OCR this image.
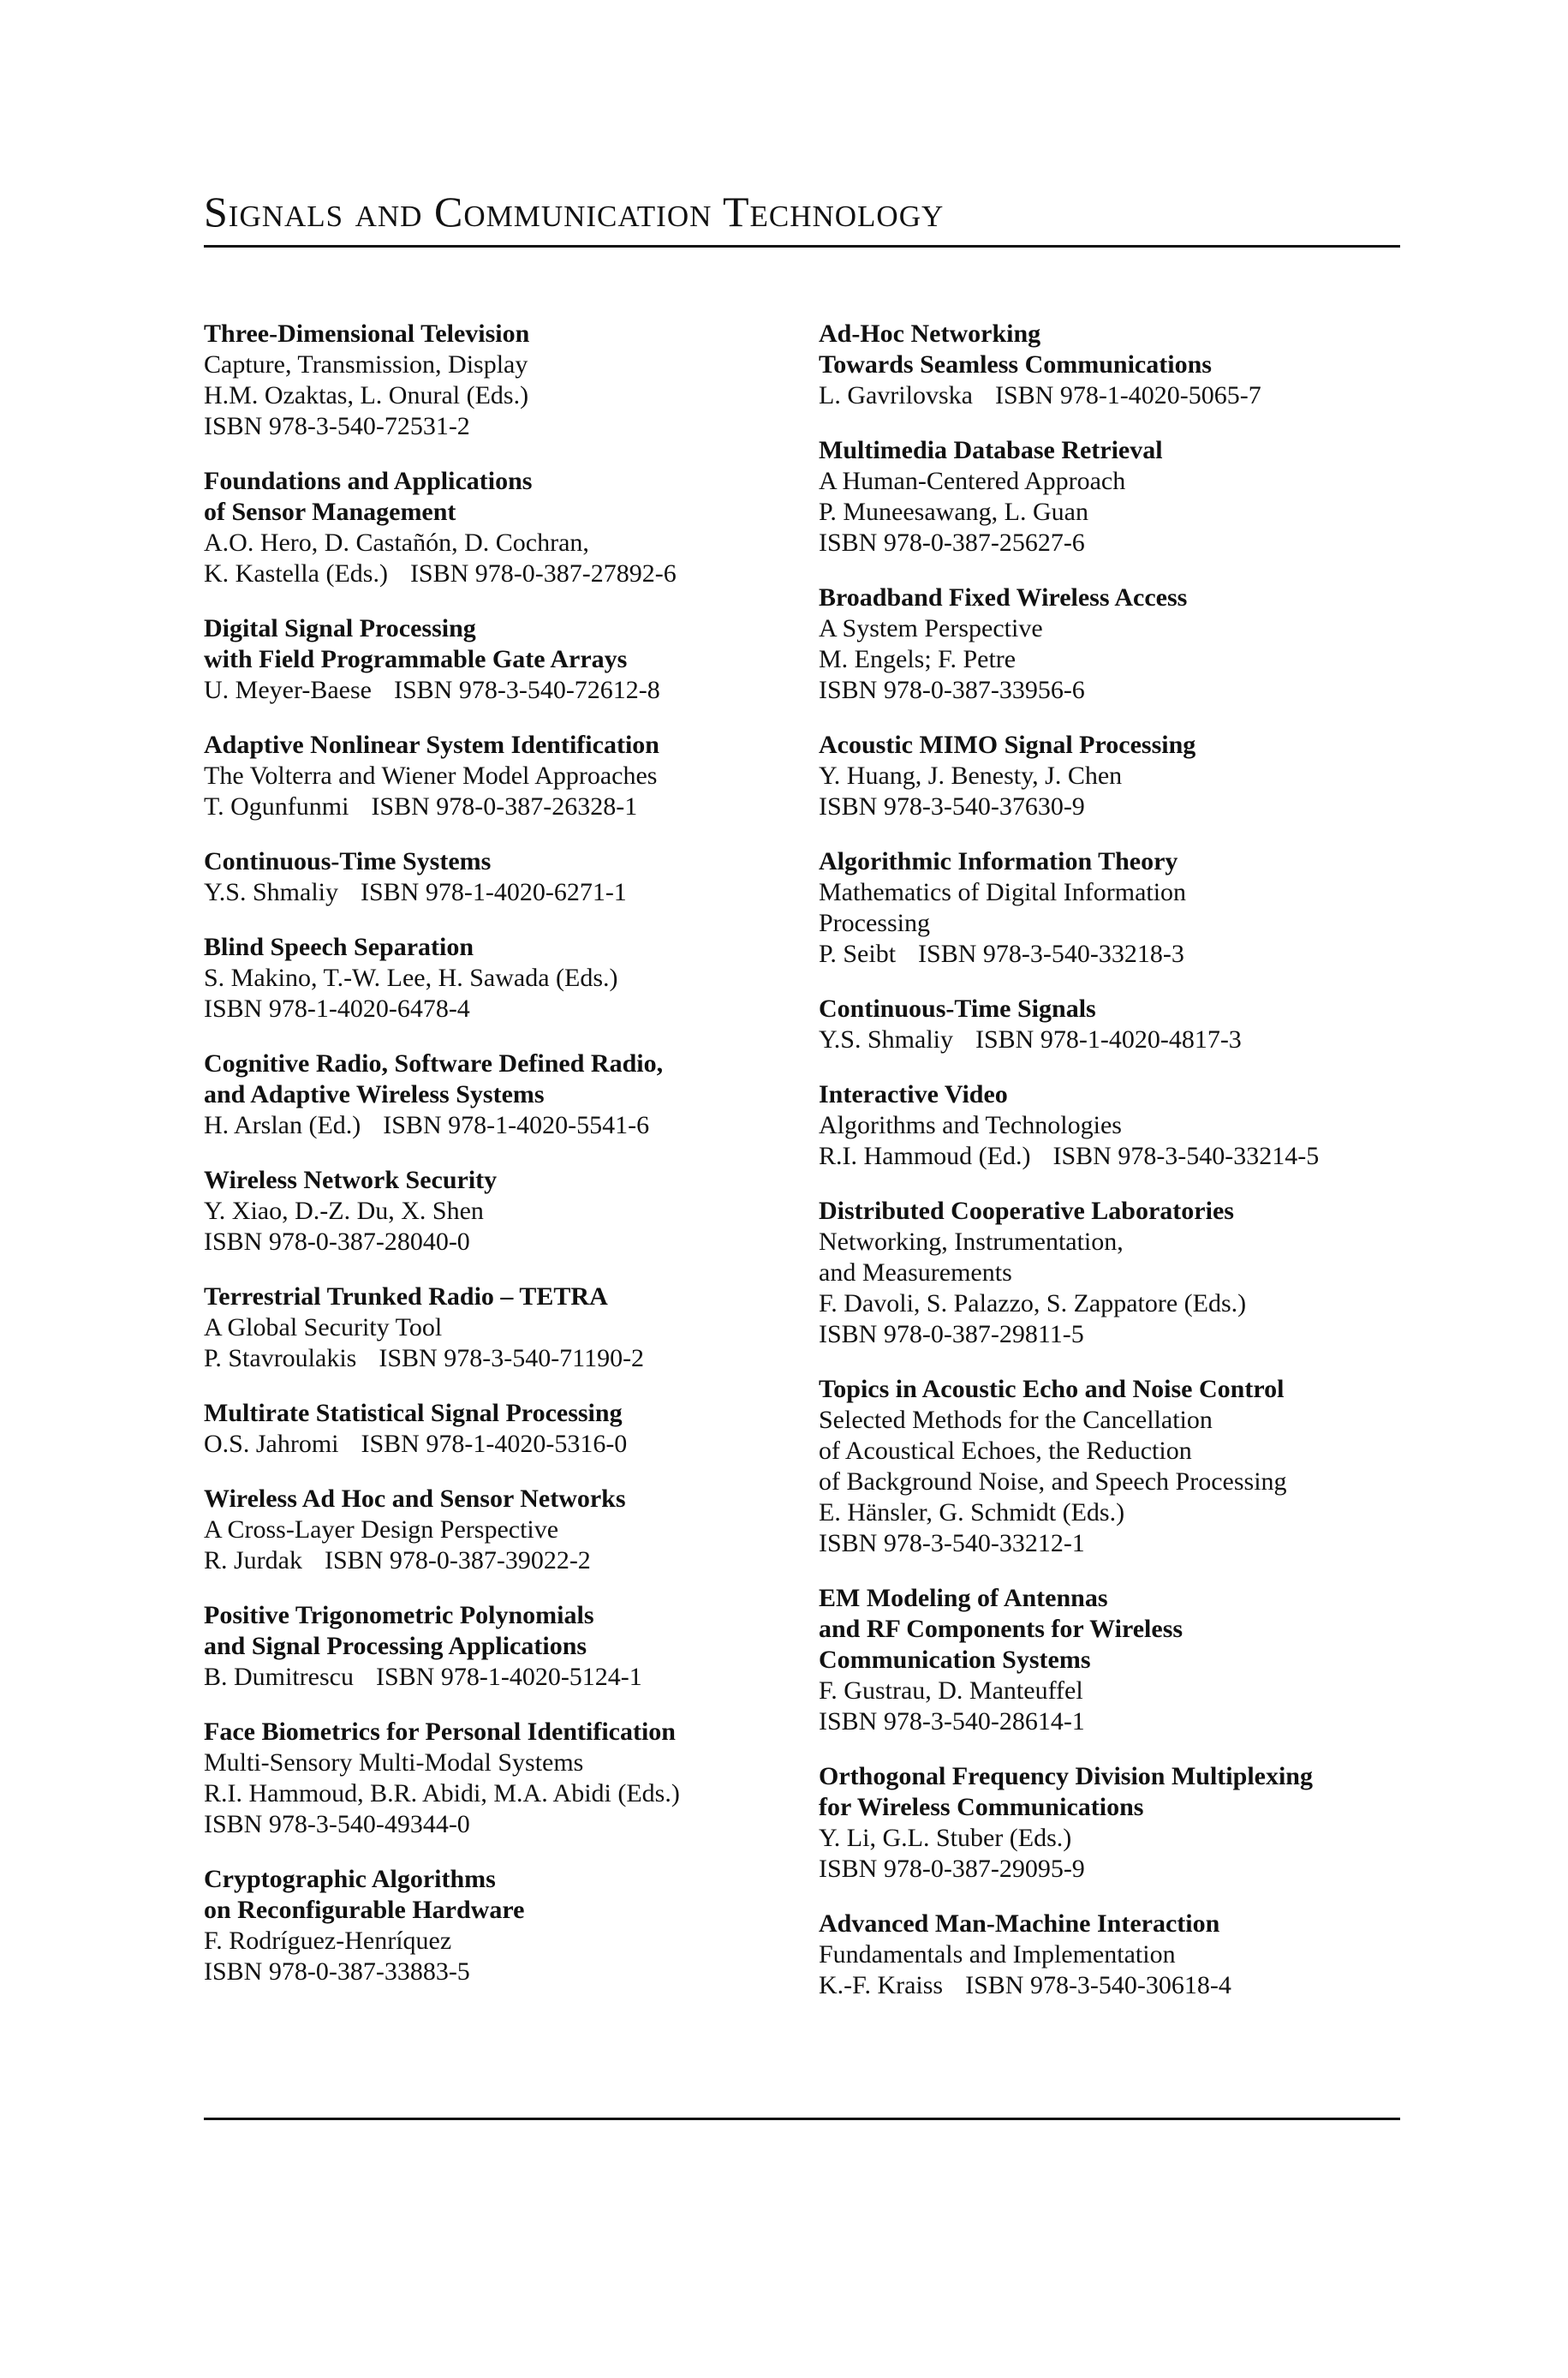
Signals and Communication Technology
Three-Dimensional Television
Capture, Transmission, Display
H.M. Ozaktas, L. Onural (Eds.)
ISBN 978-3-540-72531-2
Foundations and Applications
of Sensor Management
A.O. Hero, D. Castañón, D. Cochran,
K. Kastella (Eds.) ISBN 978-0-387-27892-6
Digital Signal Processing
with Field Programmable Gate Arrays
U. Meyer-Baese ISBN 978-3-540-72612-8
Adaptive Nonlinear System Identification
The Volterra and Wiener Model Approaches
T. Ogunfunmi ISBN 978-0-387-26328-1
Continuous-Time Systems
Y.S. Shmaliy ISBN 978-1-4020-6271-1
Blind Speech Separation
S. Makino, T.-W. Lee, H. Sawada (Eds.)
ISBN 978-1-4020-6478-4
Cognitive Radio, Software Defined Radio,
and Adaptive Wireless Systems
H. Arslan (Ed.) ISBN 978-1-4020-5541-6
Wireless Network Security
Y. Xiao, D.-Z. Du, X. Shen
ISBN 978-0-387-28040-0
Terrestrial Trunked Radio – TETRA
A Global Security Tool
P. Stavroulakis ISBN 978-3-540-71190-2
Multirate Statistical Signal Processing
O.S. Jahromi ISBN 978-1-4020-5316-0
Wireless Ad Hoc and Sensor Networks
A Cross-Layer Design Perspective
R. Jurdak ISBN 978-0-387-39022-2
Positive Trigonometric Polynomials
and Signal Processing Applications
B. Dumitrescu ISBN 978-1-4020-5124-1
Face Biometrics for Personal Identification
Multi-Sensory Multi-Modal Systems
R.I. Hammoud, B.R. Abidi, M.A. Abidi (Eds.)
ISBN 978-3-540-49344-0
Cryptographic Algorithms
on Reconfigurable Hardware
F. Rodríguez-Henríquez
ISBN 978-0-387-33883-5
Ad-Hoc Networking
Towards Seamless Communications
L. Gavrilovska ISBN 978-1-4020-5065-7
Multimedia Database Retrieval
A Human-Centered Approach
P. Muneesawang, L. Guan
ISBN 978-0-387-25627-6
Broadband Fixed Wireless Access
A System Perspective
M. Engels; F. Petre
ISBN 978-0-387-33956-6
Acoustic MIMO Signal Processing
Y. Huang, J. Benesty, J. Chen
ISBN 978-3-540-37630-9
Algorithmic Information Theory
Mathematics of Digital Information
Processing
P. Seibt ISBN 978-3-540-33218-3
Continuous-Time Signals
Y.S. Shmaliy ISBN 978-1-4020-4817-3
Interactive Video
Algorithms and Technologies
R.I. Hammoud (Ed.) ISBN 978-3-540-33214-5
Distributed Cooperative Laboratories
Networking, Instrumentation,
and Measurements
F. Davoli, S. Palazzo, S. Zappatore (Eds.)
ISBN 978-0-387-29811-5
Topics in Acoustic Echo and Noise Control
Selected Methods for the Cancellation
of Acoustical Echoes, the Reduction
of Background Noise, and Speech Processing
E. Hänsler, G. Schmidt (Eds.)
ISBN 978-3-540-33212-1
EM Modeling of Antennas
and RF Components for Wireless
Communication Systems
F. Gustrau, D. Manteuffel
ISBN 978-3-540-28614-1
Orthogonal Frequency Division Multiplexing
for Wireless Communications
Y. Li, G.L. Stuber (Eds.)
ISBN 978-0-387-29095-9
Advanced Man-Machine Interaction
Fundamentals and Implementation
K.-F. Kraiss ISBN 978-3-540-30618-4
